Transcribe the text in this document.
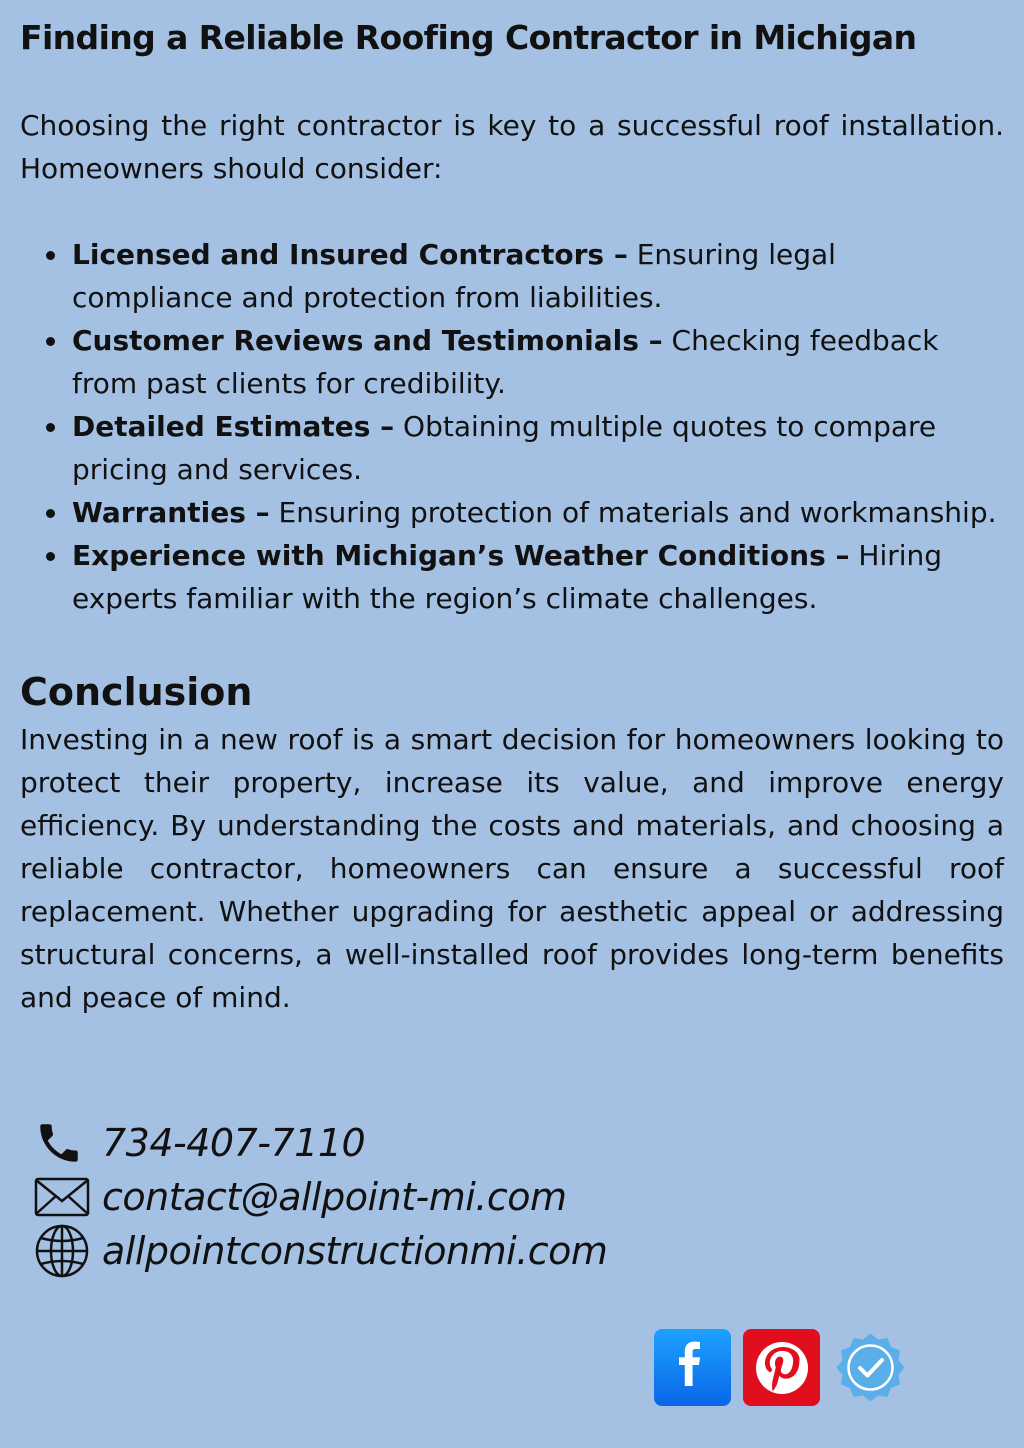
Finding a Reliable Roofing Contractor in Michigan

Choosing the right contractor is key to a successful roof installation. Homeowners should consider:

Licensed and Insured Contractors – Ensuring legal compliance and protection from liabilities.
Customer Reviews and Testimonials – Checking feedback from past clients for credibility.
Detailed Estimates – Obtaining multiple quotes to compare pricing and services.
Warranties – Ensuring protection of materials and workmanship.
Experience with Michigan’s Weather Conditions – Hiring experts familiar with the region’s climate challenges.
Conclusion

Investing in a new roof is a smart decision for homeowners looking to protect their property, increase its value, and improve energy efficiency. By understanding the costs and materials, and choosing a reliable contractor, homeowners can ensure a successful roof replacement. Whether upgrading for aesthetic appeal or addressing structural concerns, a well-installed roof provides long-term benefits and peace of mind.

734-407-7110
contact@allpoint-mi.com
allpointconstructionmi.com
